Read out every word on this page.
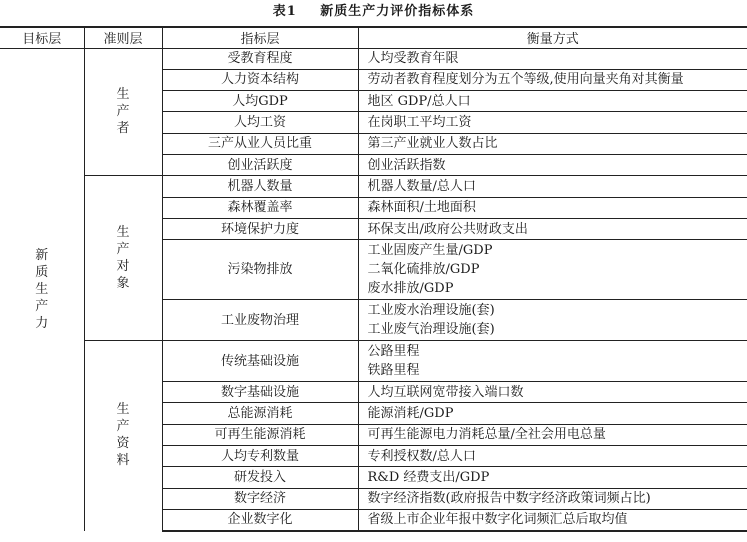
表1 新质生产力评价指标体系
目标层	准则层	指标层	衡量方式
新质生产力	生产者	受教育程度	人均受教育年限

		人力资本结构	劳动者教育程度划分为五个等级,使用向量夹角对其衡量

		人均GDP	地区 GDP/总人口

		人均工资	在岗职工平均工资

		三产从业人员比重	第三产业就业人数占比

		创业活跃度	创业活跃指数

	生产对象	机器人数量	机器人数量/总人口

		森林覆盖率	森林面积/土地面积

		环境保护力度	环保支出/政府公共财政支出

		污染物排放	工业固废产生量/GDP
二氧化硫排放/GDP
废水排放/GDP

		工业废物治理	工业废水治理设施(套)
工业废气治理设施(套)

	生产资料	传统基础设施	公路里程
铁路里程

		数字基础设施	人均互联网宽带接入端口数

		总能源消耗	能源消耗/GDP

		可再生能源消耗	可再生能源电力消耗总量/全社会用电总量

		人均专利数量	专利授权数/总人口

		研发投入	R&D 经费支出/GDP

		数字经济	数字经济指数(政府报告中数字经济政策词频占比)

		企业数字化	省级上市企业年报中数字化词频汇总后取均值
